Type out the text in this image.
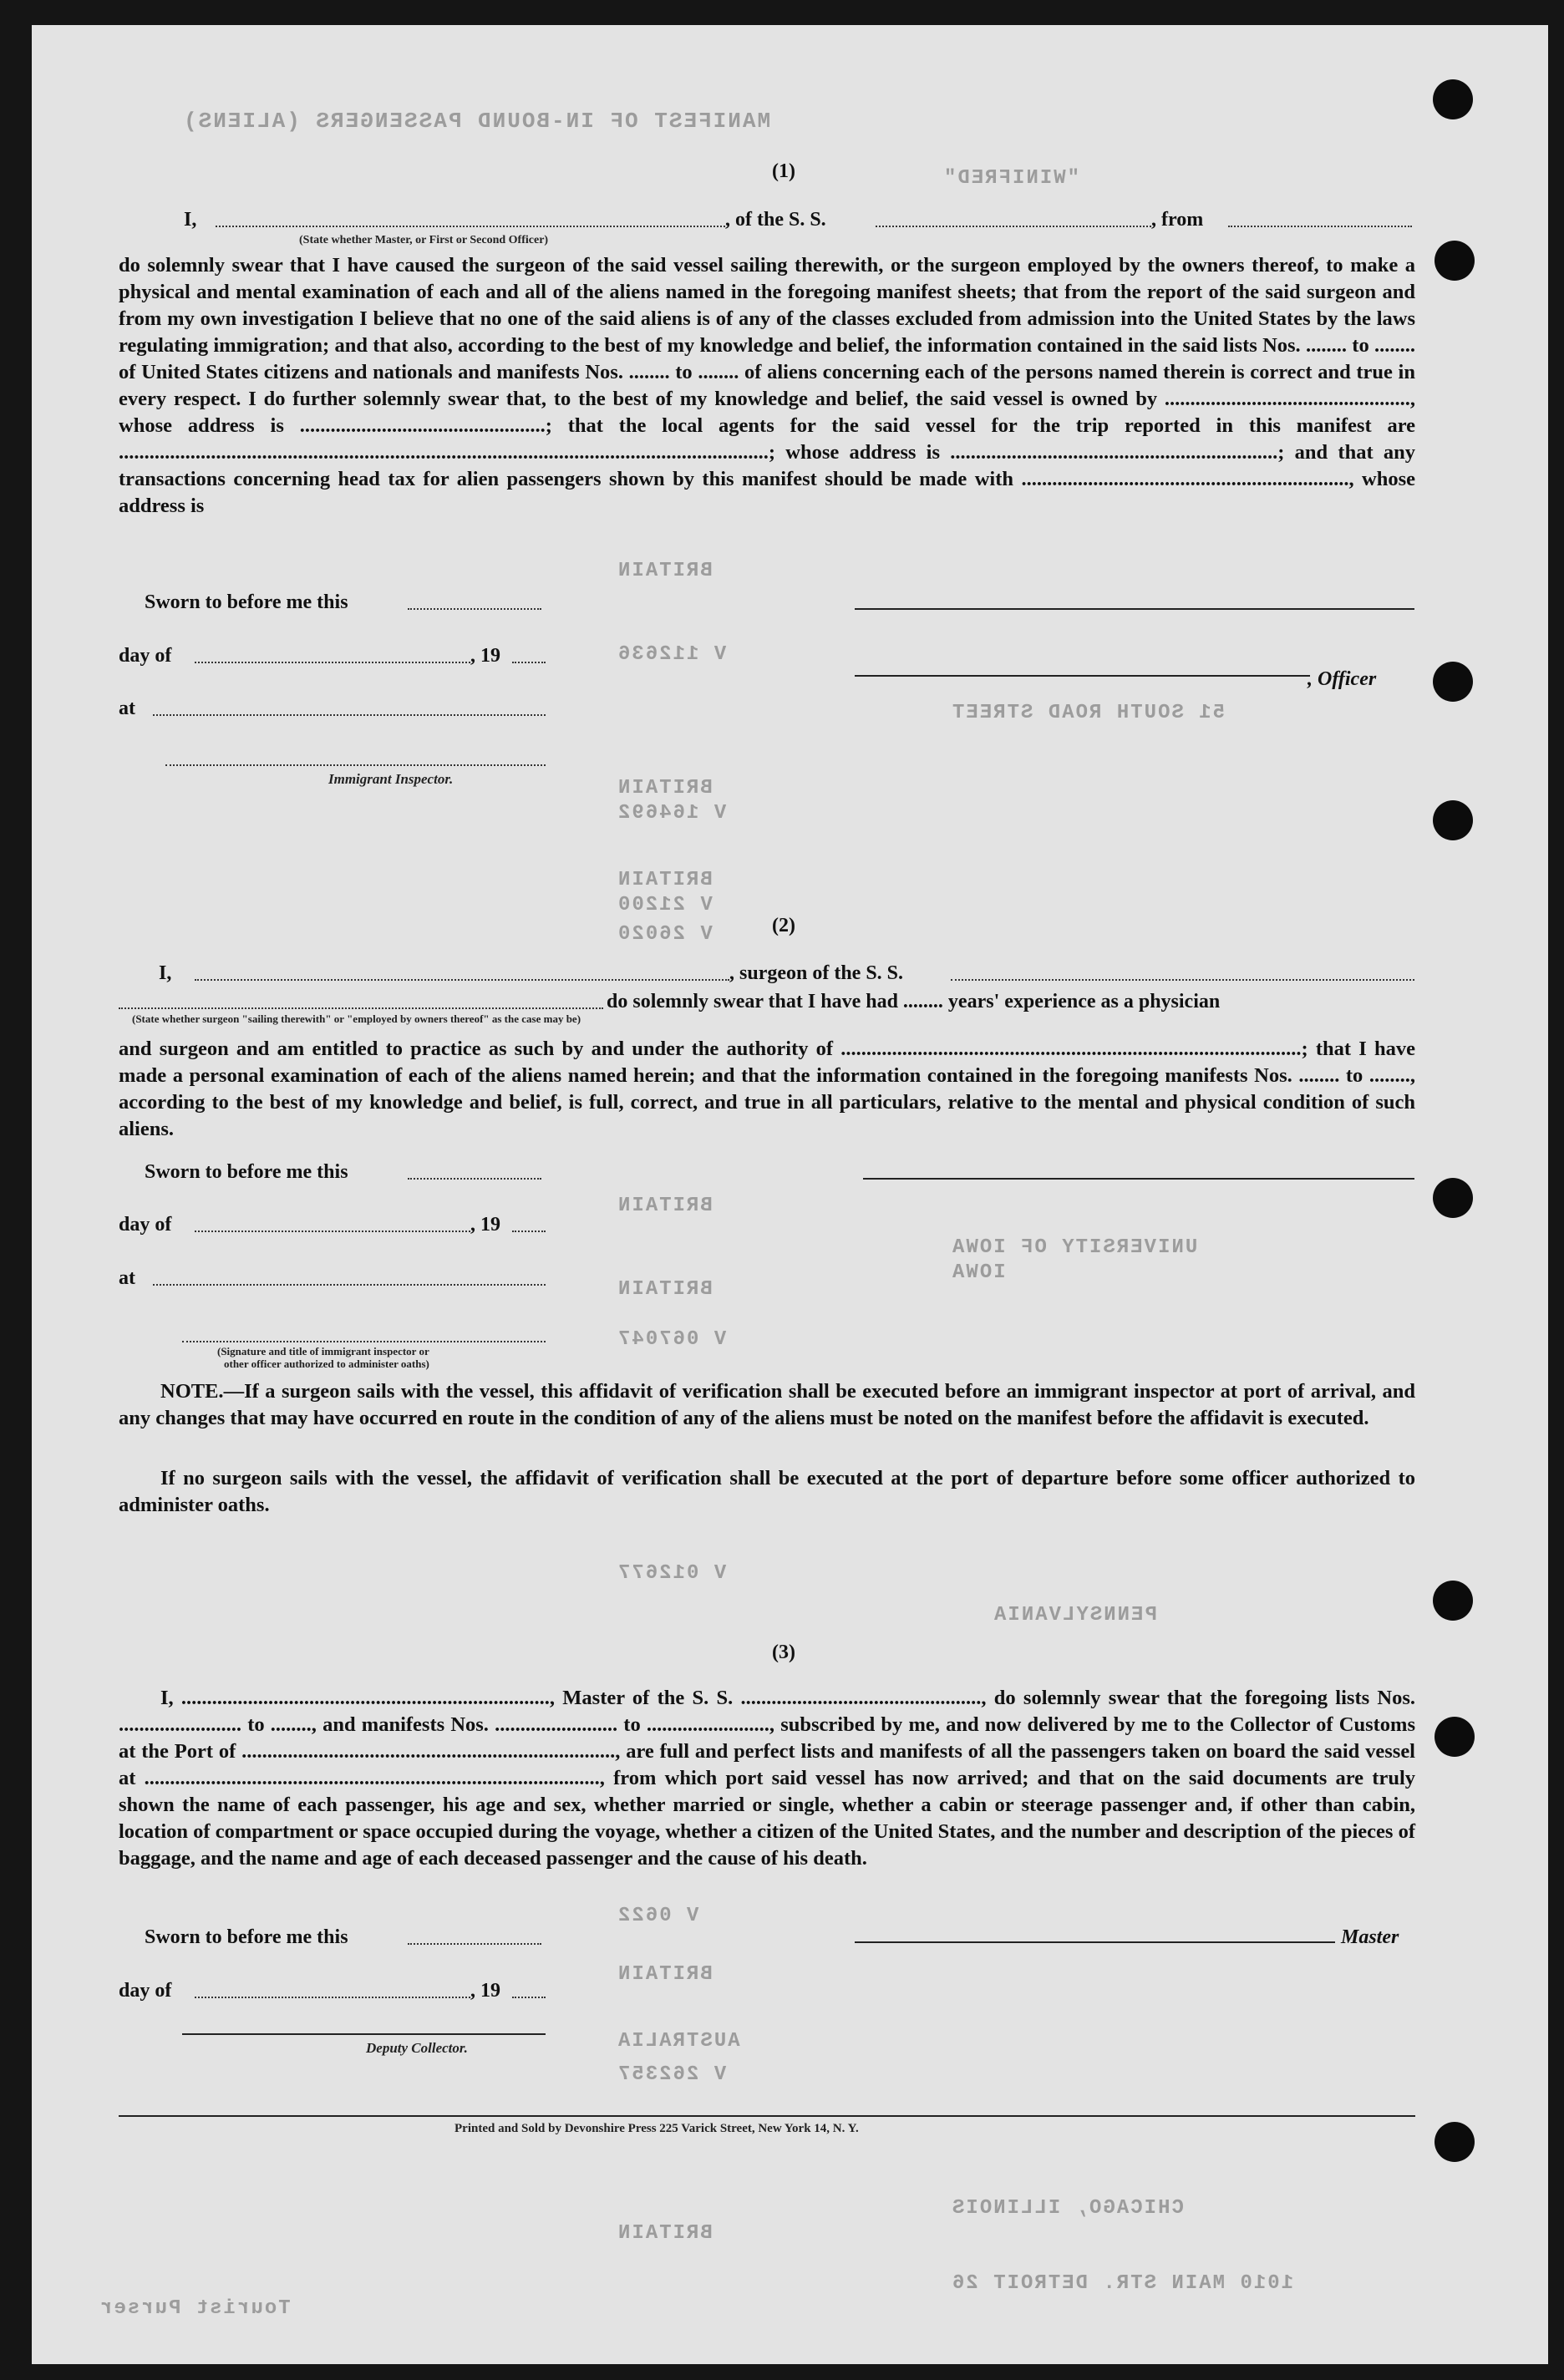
MANIFEST OF IN-BOUND PASSENGERS (ALIENS)
"WINIFRED"
BRITAIN
V 112636
51 SOUTH ROAD STREET
BRITAIN
V 164692
BRITAIN
V 21200
V 26020
BRITAIN
UNIVERSITY OF IOWA
IOWA
BRITAIN
V 067047
V 012677
PENNSYLVANIA
V 0622
BRITAIN
AUSTRALIA
V 262357
CHICAGO, ILLINOIS
BRITAIN
1010 MAIN STR. DETROIT 26
Tourist Purser
(1)
I,	, of the S. S.	, from
(State whether Master, or First or Second Officer)
do solemnly swear that I have caused the surgeon of the said vessel sailing therewith, or the surgeon employed by the owners thereof, to make a physical and mental examination of each and all of the aliens named in the foregoing manifest sheets; that from the report of the said surgeon and from my own investigation I believe that no one of the said aliens is of any of the classes excluded from admission into the United States by the laws regulating immigration; and that also, according to the best of my knowledge and belief, the information contained in the said lists Nos. ........ to ........ of United States citizens and nationals and manifests Nos. ........ to ........ of aliens concerning each of the persons named therein is correct and true in every respect. I do further solemnly swear that, to the best of my knowledge and belief, the said vessel is owned by ................................................, whose address is ................................................; that the local agents for the said vessel for the trip reported in this manifest are ...............................................................................................................................; whose address is ................................................................; and that any transactions concerning head tax for alien passengers shown by this manifest should be made with ................................................................, whose address is
Sworn to before me this
day of	, 19
, Officer
at
Immigrant Inspector.
(2)
I,	, surgeon of the S. S.
do solemnly swear that I have had ........ years' experience as a physician
(State whether surgeon "sailing therewith" or "employed by owners thereof" as the case may be)
and surgeon and am entitled to practice as such by and under the authority of ..........................................................................................; that I have made a personal examination of each of the aliens named herein; and that the information contained in the foregoing manifests Nos. ........ to ........, according to the best of my knowledge and belief, is full, correct, and true in all particulars, relative to the mental and physical condition of such aliens.
Sworn to before me this
day of	, 19
at
(Signature and title of immigrant inspector or
other officer authorized to administer oaths)
NOTE.—If a surgeon sails with the vessel, this affidavit of verification shall be executed before an immigrant inspector at port of arrival, and any changes that may have occurred en route in the condition of any of the aliens must be noted on the manifest before the affidavit is executed.
If no surgeon sails with the vessel, the affidavit of verification shall be executed at the port of departure before some officer authorized to administer oaths.
(3)
I, ........................................................................, Master of the S. S. ..............................................., do solemnly swear that the foregoing lists Nos. ........................ to ........, and manifests Nos. ........................ to ........................, subscribed by me, and now delivered by me to the Collector of Customs at the Port of ........................................................................., are full and perfect lists and manifests of all the passengers taken on board the said vessel at ........................................................................................., from which port said vessel has now arrived; and that on the said documents are truly shown the name of each passenger, his age and sex, whether married or single, whether a cabin or steerage passenger and, if other than cabin, location of compartment or space occupied during the voyage, whether a citizen of the United States, and the number and description of the pieces of baggage, and the name and age of each deceased passenger and the cause of his death.
Sworn to before me this	Master
day of	, 19
Deputy Collector.
Printed and Sold by Devonshire Press 225 Varick Street, New York 14, N. Y.
